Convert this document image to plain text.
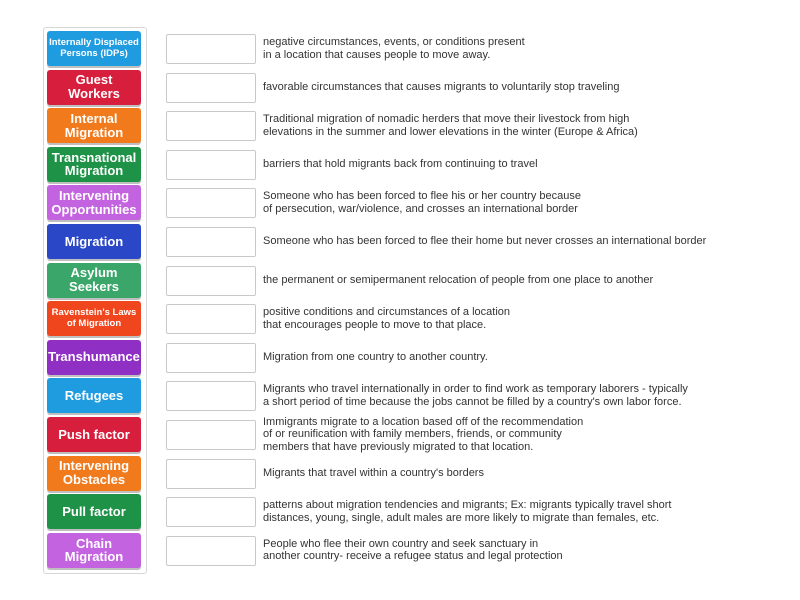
Internally Displaced Persons (IDPs)
Guest Workers
Internal Migration
Transnational Migration
Intervening Opportunities
Migration
Asylum Seekers
Ravenstein's Laws of Migration
Transhumance
Refugees
Push factor
Intervening Obstacles
Pull factor
Chain Migration
negative circumstances, events, or conditions present
in a location that causes people to move away.
favorable circumstances that causes migrants to voluntarily stop traveling
Traditional migration of nomadic herders that move their livestock from high
elevations in the summer and lower elevations in the winter (Europe & Africa)
barriers that hold migrants back from continuing to travel
Someone who has been forced to flee his or her country because
of persecution, war/violence, and crosses an international border
Someone who has been forced to flee their home but never crosses an international border
the permanent or semipermanent relocation of people from one place to another
positive conditions and circumstances of a location
that encourages people to move to that place.
Migration from one country to another country.
Migrants who travel internationally in order to find work as temporary laborers - typically
a short period of time because the jobs cannot be filled by a country's own labor force.
Immigrants migrate to a location based off of the recommendation
of or reunification with family members, friends, or community
members that have previously migrated to that location.
Migrants that travel within a country's borders
patterns about migration tendencies and migrants; Ex: migrants typically travel short
distances, young, single, adult males are more likely to migrate than females, etc.
People who flee their own country and seek sanctuary in
another country- receive a refugee status and legal protection
